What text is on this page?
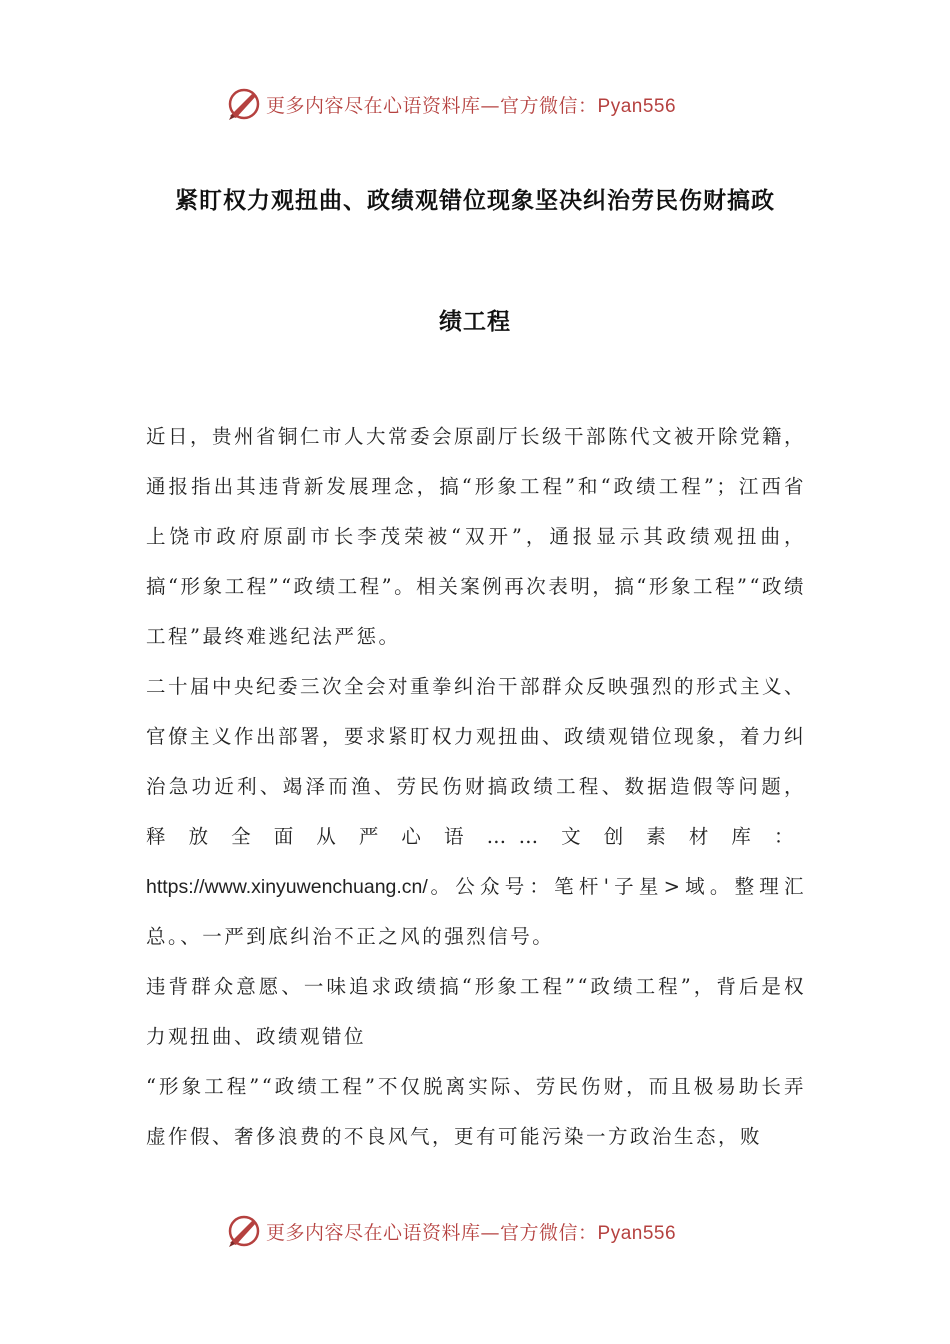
更多内容尽在心语资料库—官方微信：Pyan556
紧盯权力观扭曲、政绩观错位现象坚决纠治劳民伤财搞政
绩工程

近日，贵州省铜仁市人大常委会原副厅长级干部陈代文被开除党籍，通报指出其违背新发展理念，搞“形象工程”和“政绩工程”；江西省上饶市政府原副市长李茂荣被“双开”，通报显示其政绩观扭曲，搞“形象工程”“政绩工程”。相关案例再次表明，搞“形象工程”“政绩工程”最终难逃纪法严惩。

二十届中央纪委三次全会对重拳纠治干部群众反映强烈的形式主义、官僚主义作出部署，要求紧盯权力观扭曲、政绩观错位现象，着力纠治急功近利、竭泽而渔、劳民伤财搞政绩工程、数据造假等问题，释放全面从严心语……文创素材库：https://www.xinyuwenchuang.cn/。公众号：笔杆'子星>域。整理汇总。、一严到底纠治不正之风的强烈信号。

违背群众意愿、一味追求政绩搞“形象工程”“政绩工程”，背后是权力观扭曲、政绩观错位

“形象工程”“政绩工程”不仅脱离实际、劳民伤财，而且极易助长弄虚作假、奢侈浪费的不良风气，更有可能污染一方政治生态，败

更多内容尽在心语资料库—官方微信：Pyan556
